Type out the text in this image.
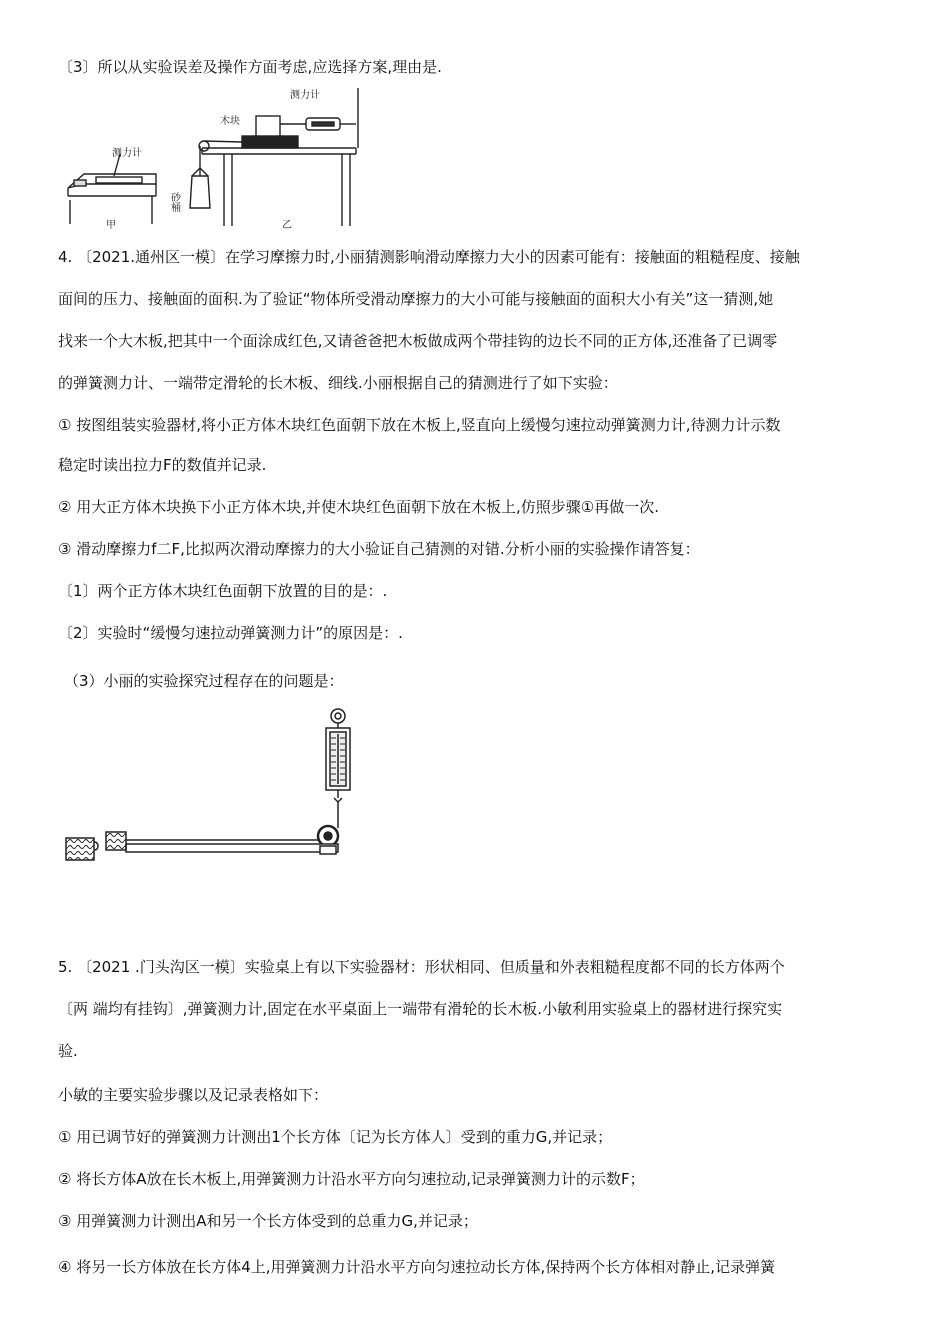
〔3〕所以从实验误差及操作方面考虑,应选择方案,理由是.
测力计
测力计
木块
砂桶
甲	乙
4. 〔2021.通州区一模〕在学习摩擦力时,小丽猜测影响滑动摩擦力大小的因素可能有：接触面的粗糙程度、接触
面间的压力、接触面的面积.为了验证“物体所受滑动摩擦力的大小可能与接触面的面积大小有关”这一猜测,她
找来一个大木板,把其中一个面涂成红色,又请爸爸把木板做成两个带挂钩的边长不同的正方体,还准备了已调零
的弹簧测力计、一端带定滑轮的长木板、细线.小丽根据自己的猜测进行了如下实验：
① 按图组装实验器材,将小正方体木块红色面朝下放在木板上,竖直向上缓慢匀速拉动弹簧测力计,待测力计示数
稳定时读出拉力F的数值并记录.
② 用大正方体木块换下小正方体木块,并使木块红色面朝下放在木板上,仿照步骤①再做一次.
③ 滑动摩擦力f二F,比拟两次滑动摩擦力的大小验证自己猜测的对错.分析小丽的实验操作请答复：
〔1〕两个正方体木块红色面朝下放置的目的是：.
〔2〕实验时“缓慢匀速拉动弹簧测力计”的原因是：.
（3）小丽的实验探究过程存在的问题是：
5. 〔2021 .门头沟区一模〕实验桌上有以下实验器材：形状相同、但质量和外表粗糙程度都不同的长方体两个
〔两 端均有挂钩〕,弹簧测力计,固定在水平桌面上一端带有滑轮的长木板.小敏利用实验桌上的器材进行探究实
验.
小敏的主要实验步骤以及记录表格如下：
① 用已调节好的弹簧测力计测出1个长方体〔记为长方体人〕受到的重力G,并记录；
② 将长方体A放在长木板上,用弹簧测力计沿水平方向匀速拉动,记录弹簧测力计的示数F；
③ 用弹簧测力计测出A和另一个长方体受到的总重力G,并记录；
④ 将另一长方体放在长方体4上,用弹簧测力计沿水平方向匀速拉动长方体,保持两个长方体相对静止,记录弹簧
